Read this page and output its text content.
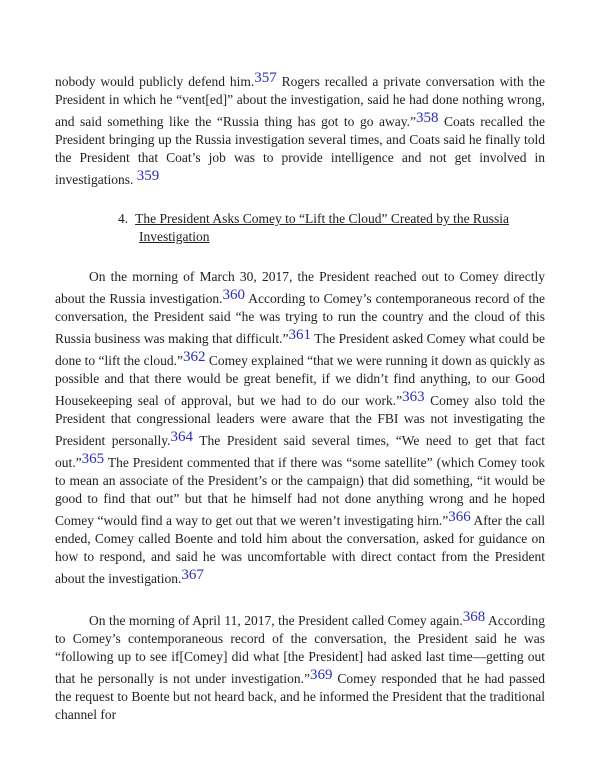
nobody would publicly defend him.357 Rogers recalled a private conversation with the President in which he “vent[ed]” about the investigation, said he had done nothing wrong, and said something like the “Russia thing has got to go away.”358 Coats recalled the President bringing up the Russia investigation several times, and Coats said he finally told the President that Coat’s job was to provide intelligence and not get involved in investigations. 359

4. The President Asks Comey to “Lift the Cloud” Created by the Russia Investigation

On the morning of March 30, 2017, the President reached out to Comey directly about the Russia investigation.360 According to Comey’s contemporaneous record of the conversation, the President said “he was trying to run the country and the cloud of this Russia business was making that difficult.”361 The President asked Comey what could be done to “lift the cloud.”362 Comey explained “that we were running it down as quickly as possible and that there would be great benefit, if we didn’t find anything, to our Good Housekeeping seal of approval, but we had to do our work.”363 Comey also told the President that congressional leaders were aware that the FBI was not investigating the President personally.364 The President said several times, “We need to get that fact out.”365 The President commented that if there was “some satellite” (which Comey took to mean an associate of the President’s or the campaign) that did something, “it would be good to find that out” but that he himself had not done anything wrong and he hoped Comey “would find a way to get out that we weren’t investigating hirn.”366 After the call ended, Comey called Boente and told him about the conversation, asked for guidance on how to respond, and said he was uncomfortable with direct contact from the President about the investigation.367

On the morning of April 11, 2017, the President called Comey again.368 According to Comey’s contemporaneous record of the conversation, the President said he was “following up to see if[Comey] did what [the President] had asked last time—getting out that he personally is not under investigation.”369 Comey responded that he had passed the request to Boente but not heard back, and he informed the President that the traditional channel for
